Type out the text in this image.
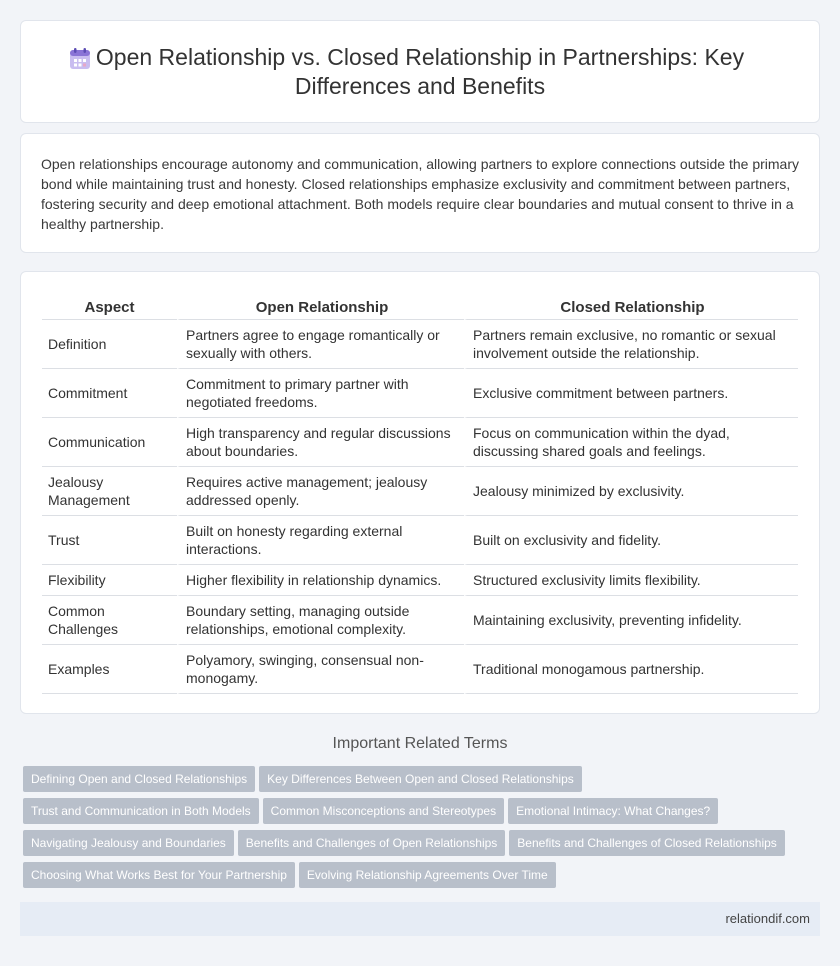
Open Relationship vs. Closed Relationship in Partnerships: Key Differences and Benefits

Open relationships encourage autonomy and communication, allowing partners to explore connections outside the primary bond while maintaining trust and honesty. Closed relationships emphasize exclusivity and commitment between partners, fostering security and deep emotional attachment. Both models require clear boundaries and mutual consent to thrive in a healthy partnership.

Aspect	Open Relationship	Closed Relationship
Definition	Partners agree to engage romantically or sexually with others.	Partners remain exclusive, no romantic or sexual involvement outside the relationship.
Commitment	Commitment to primary partner with negotiated freedoms.	Exclusive commitment between partners.
Communication	High transparency and regular discussions about boundaries.	Focus on communication within the dyad, discussing shared goals and feelings.
Jealousy Management	Requires active management; jealousy addressed openly.	Jealousy minimized by exclusivity.
Trust	Built on honesty regarding external interactions.	Built on exclusivity and fidelity.
Flexibility	Higher flexibility in relationship dynamics.	Structured exclusivity limits flexibility.
Common Challenges	Boundary setting, managing outside relationships, emotional complexity.	Maintaining exclusivity, preventing infidelity.
Examples	Polyamory, swinging, consensual non-monogamy.	Traditional monogamous partnership.
Important Related Terms
Defining Open and Closed Relationships Key Differences Between Open and Closed Relationships
Trust and Communication in Both Models Common Misconceptions and Stereotypes Emotional Intimacy: What Changes?
Navigating Jealousy and Boundaries Benefits and Challenges of Open Relationships Benefits and Challenges of Closed Relationships
Choosing What Works Best for Your Partnership Evolving Relationship Agreements Over Time
relationdif.com
